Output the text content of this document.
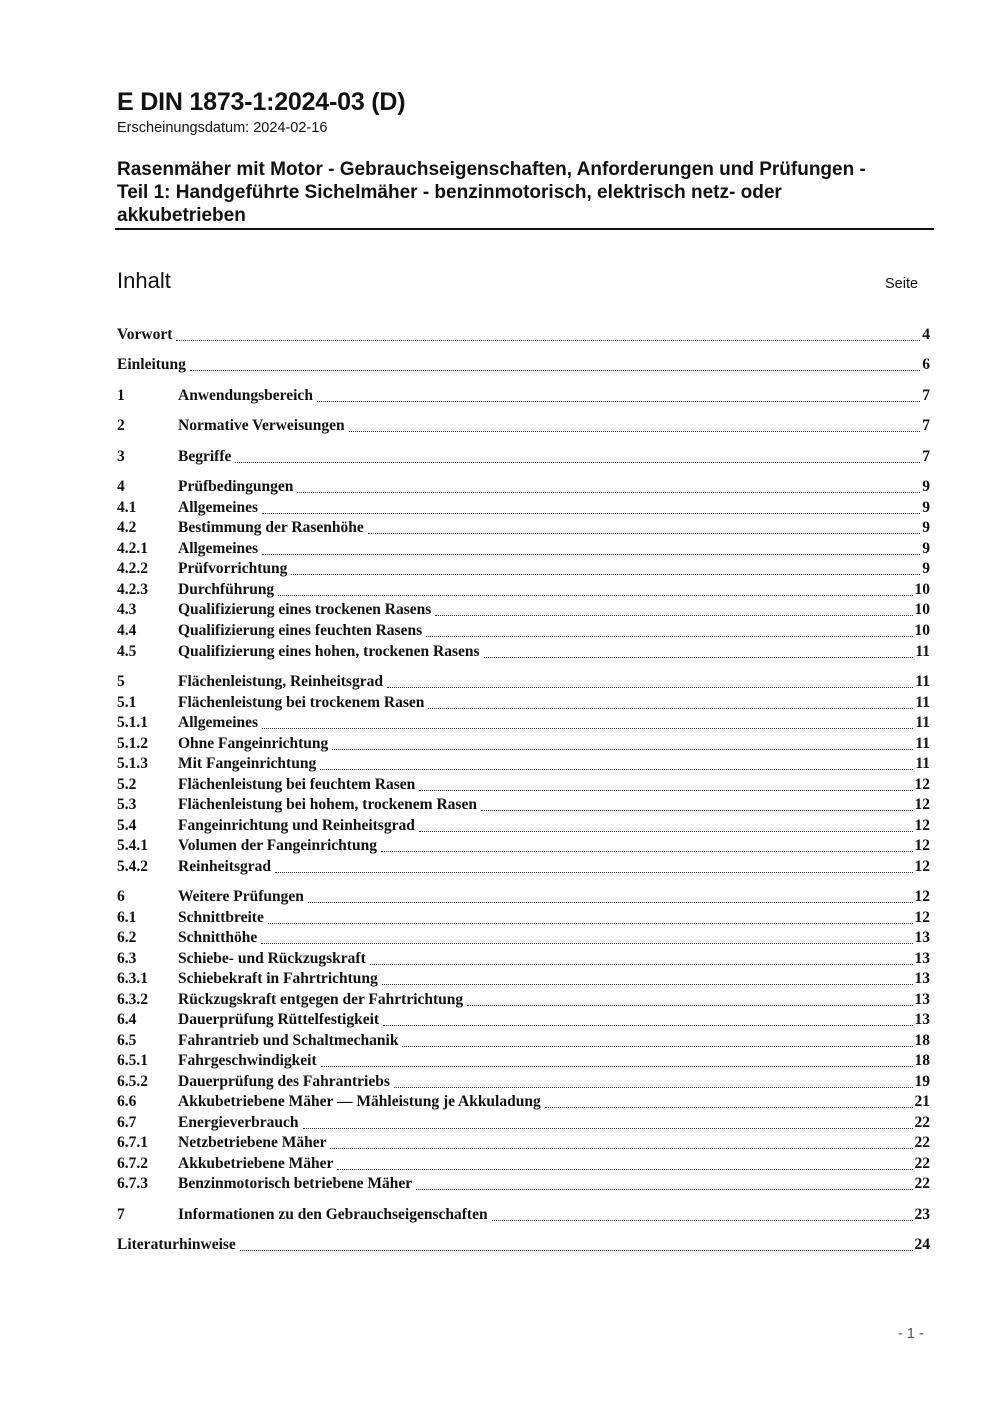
E DIN 1873-1:2024-03 (D)
Erscheinungsdatum: 2024-02-16
Rasenmäher mit Motor - Gebrauchseigenschaften, Anforderungen und Prüfungen -
Teil 1: Handgeführte Sichelmäher - benzinmotorisch, elektrisch netz- oder
akkubetrieben
Inhalt	Seite
Vorwort	4
Einleitung	6
1	Anwendungsbereich	7
2	Normative Verweisungen	7
3	Begriffe	7
4	Prüfbedingungen	9
4.1	Allgemeines	9
4.2	Bestimmung der Rasenhöhe	9
4.2.1	Allgemeines	9
4.2.2	Prüfvorrichtung	9
4.2.3	Durchführung	10
4.3	Qualifizierung eines trockenen Rasens	10
4.4	Qualifizierung eines feuchten Rasens	10
4.5	Qualifizierung eines hohen, trockenen Rasens	11
5	Flächenleistung, Reinheitsgrad	11
5.1	Flächenleistung bei trockenem Rasen	11
5.1.1	Allgemeines	11
5.1.2	Ohne Fangeinrichtung	11
5.1.3	Mit Fangeinrichtung	11
5.2	Flächenleistung bei feuchtem Rasen	12
5.3	Flächenleistung bei hohem, trockenem Rasen	12
5.4	Fangeinrichtung und Reinheitsgrad	12
5.4.1	Volumen der Fangeinrichtung	12
5.4.2	Reinheitsgrad	12
6	Weitere Prüfungen	12
6.1	Schnittbreite	12
6.2	Schnitthöhe	13
6.3	Schiebe- und Rückzugskraft	13
6.3.1	Schiebekraft in Fahrtrichtung	13
6.3.2	Rückzugskraft entgegen der Fahrtrichtung	13
6.4	Dauerprüfung Rüttelfestigkeit	13
6.5	Fahrantrieb und Schaltmechanik	18
6.5.1	Fahrgeschwindigkeit	18
6.5.2	Dauerprüfung des Fahrantriebs	19
6.6	Akkubetriebene Mäher — Mähleistung je Akkuladung	21
6.7	Energieverbrauch	22
6.7.1	Netzbetriebene Mäher	22
6.7.2	Akkubetriebene Mäher	22
6.7.3	Benzinmotorisch betriebene Mäher	22
7	Informationen zu den Gebrauchseigenschaften	23
Literaturhinweise	24
- 1 -
